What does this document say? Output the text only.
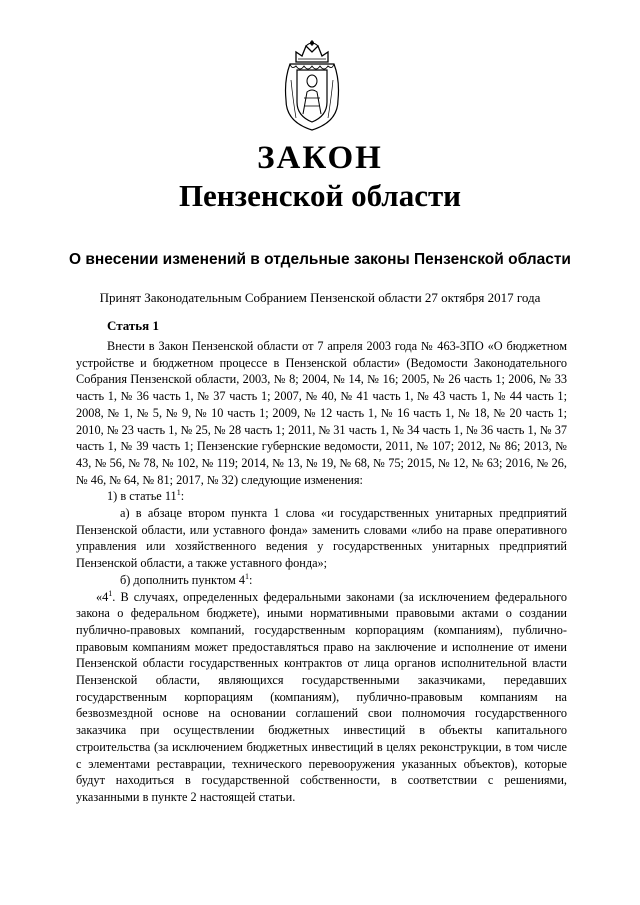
ЗАКОН
Пензенской области
О внесении изменений в отдельные законы Пензенской области
Принят Законодательным Собранием Пензенской области 27 октября 2017 года
Статья 1

Внести в Закон Пензенской области от 7 апреля 2003 года № 463-ЗПО «О бюджетном устройстве и бюджетном процессе в Пензенской области» (Ведомости Законодательного Собрания Пензенской области, 2003, № 8; 2004, № 14, № 16; 2005, № 26 часть 1; 2006, № 33 часть 1, № 36 часть 1, № 37 часть 1; 2007, № 40, № 41 часть 1, № 43 часть 1, № 44 часть 1; 2008, № 1, № 5, № 9, № 10 часть 1; 2009, № 12 часть 1, № 16 часть 1, № 18, № 20 часть 1; 2010, № 23 часть 1, № 25, № 28 часть 1; 2011, № 31 часть 1, № 34 часть 1, № 36 часть 1, № 37 часть 1, № 39 часть 1; Пензенские губернские ведомости, 2011, № 107; 2012, № 86; 2013, № 43, № 56, № 78, № 102, № 119; 2014, № 13, № 19, № 68, № 75; 2015, № 12, № 63; 2016, № 26, № 46, № 64, № 81; 2017, № 32) следующие изменения:

1) в статье $11^1$:

а) в абзаце втором пункта 1 слова «и государственных унитарных предприятий Пензенской области, или уставного фонда» заменить словами «либо на праве оперативного управления или хозяйственного ведения у государственных унитарных предприятий Пензенской области, а также уставного фонда»;

б) дополнить пунктом $4^1$:

«$4^1$. В случаях, определенных федеральными законами (за исключением федерального закона о федеральном бюджете), иными нормативными правовыми актами о создании публично-правовых компаний, государственным корпорациям (компаниям), публично-правовым компаниям может предоставляться право на заключение и исполнение от имени Пензенской области государственных контрактов от лица органов исполнительной власти Пензенской области, являющихся государственными заказчиками, передавших государственным корпорациям (компаниям), публично-правовым компаниям на безвозмездной основе на основании соглашений свои полномочия государственного заказчика при осуществлении бюджетных инвестиций в объекты капитального строительства (за исключением бюджетных инвестиций в целях реконструкции, в том числе с элементами реставрации, технического перевооружения указанных объектов), которые будут находиться в государственной собственности, в соответствии с решениями, указанными в пункте 2 настоящей статьи.
